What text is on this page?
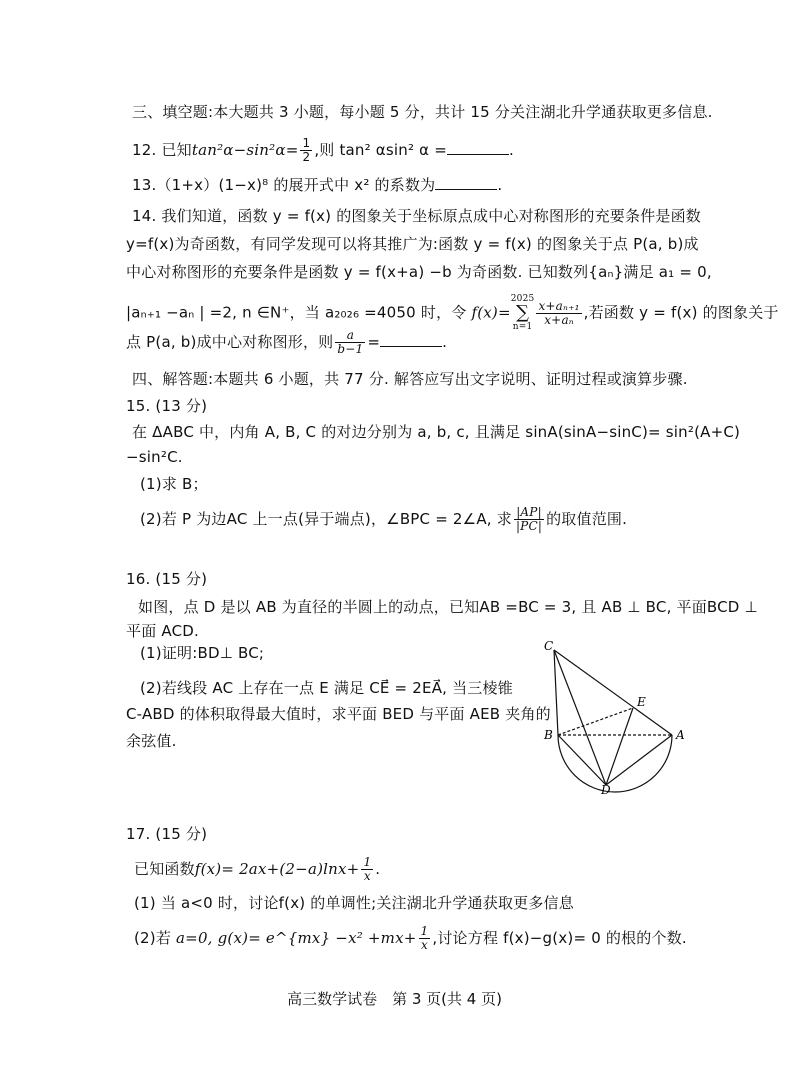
三、填空题:本大题共 3 小题，每小题 5 分，共计 15 分关注湖北升学通获取更多信息.
12. 已知$\tan^2\alpha-\sin^2\alpha= \frac{1}{2}$ ,则 tan² αsin² α =	.
13.（1+x）(1−x)⁸ 的展开式中 x² 的系数为	.
14. 我们知道，函数 y = f(x) 的图象关于坐标原点成中心对称图形的充要条件是函数
y=f(x)为奇函数，有同学发现可以将其推广为:函数 y = f(x) 的图象关于点 P(a, b)成
中心对称图形的充要条件是函数 y = f(x+a) −b 为奇函数. 已知数列{aₙ}满足 a₁ = 0,
|aₙ₊₁ −aₙ | =2, n ∈N⁺，当 a₂₀₂₆ =4050 时，令 f(x)=2025
∑
n=1
$\frac{\text{x+aₙ₊₁}}{\text{x+aₙ}}$ ,若函数 y = f(x) 的图象关于
点 P(a, b)成中心对称图形，则 $\frac{a}{b-1}$ =	.
四、解答题:本题共 6 小题，共 77 分. 解答应写出文字说明、证明过程或演算步骤.
15. (13 分)
在 ΔABC 中，内角 A, B, C 的对边分别为 a, b, c, 且满足 sinA(sinA−sinC)= sin²(A+C)
−sin²C.
(1)求 B；
(2)若 P 为边AC 上一点(异于端点)，∠BPC = 2∠A, 求 $\frac{|AP|}{|PC|}$ 的取值范围.
16. (15 分)
如图，点 D 是以 AB 为直径的半圆上的动点，已知AB =BC = 3, 且 AB ⊥ BC, 平面BCD ⊥
平面 ACD.
(1)证明:BD⊥ BC;
(2)若线段 AC 上存在一点 E 满足 CE⃗ = 2EA⃗, 当三棱锥
C-ABD 的体积取得最大值时，求平面 BED 与平面 AEB 夹角的
余弦值.
C
E
B	A
D
17. (15 分)
已知函数$f(x)= 2ax+(2-a)\ln x+ \frac{1}{x}$ .
(1) 当 a<0 时，讨论f(x) 的单调性;关注湖北升学通获取更多信息
(2)若 a=0, g(x)= e^{mx} $-x^2 +mx+ \frac{1}{x}$ ,讨论方程 f(x)−g(x)= 0 的根的个数.
高三数学试卷　第 3 页(共 4 页)
